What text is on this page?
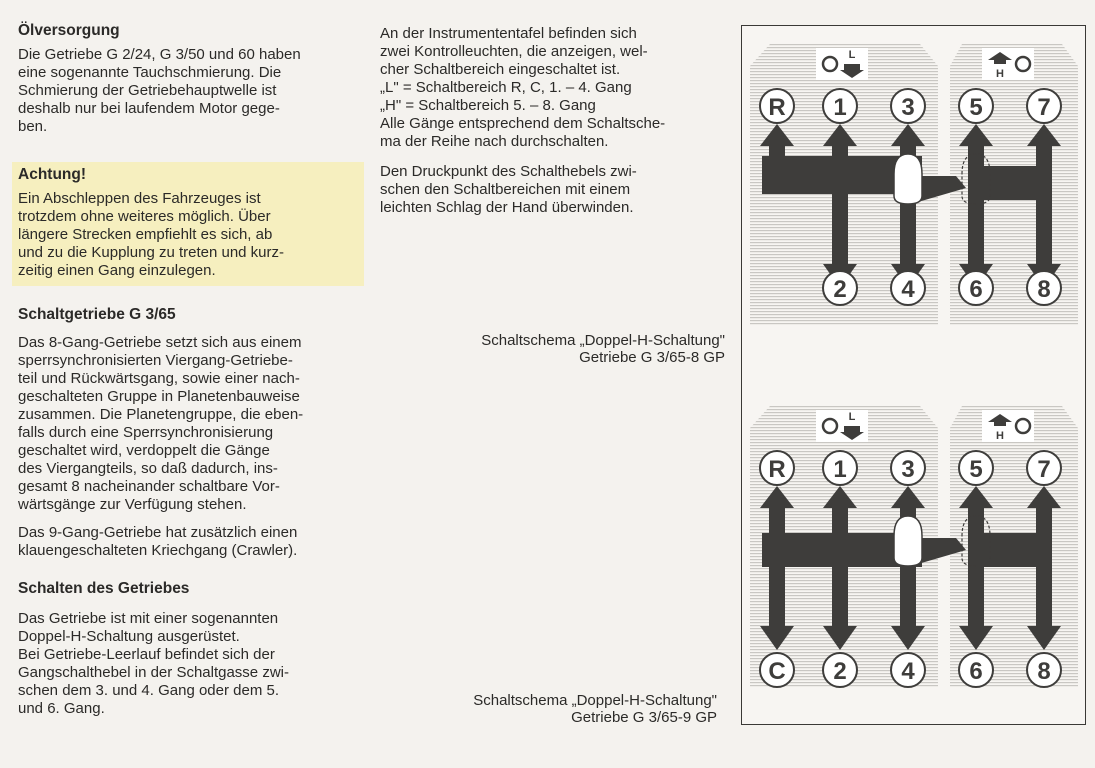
Ölversorgung
Die Getriebe G 2/24, G 3/50 und 60 haben
eine sogenannte Tauchschmierung. Die
Schmierung der Getriebehauptwelle ist
deshalb nur bei laufendem Motor gege-
ben.
Achtung!
Ein Abschleppen des Fahrzeuges ist
trotzdem ohne weiteres möglich. Über
längere Strecken empfiehlt es sich, ab
und zu die Kupplung zu treten und kurz-
zeitig einen Gang einzulegen.
Schaltgetriebe G 3/65
Das 8-Gang-Getriebe setzt sich aus einem
sperrsynchronisierten Viergang-Getriebe-
teil und Rückwärtsgang, sowie einer nach-
geschalteten Gruppe in Planetenbauweise
zusammen. Die Planetengruppe, die eben-
falls durch eine Sperrsynchronisierung
geschaltet wird, verdoppelt die Gänge
des Viergangteils, so daß dadurch, ins-
gesamt 8 nacheinander schaltbare Vor-
wärtsgänge zur Verfügung stehen.
Das 9-Gang-Getriebe hat zusätzlich einen
klauengeschalteten Kriechgang (Crawler).
Schalten des Getriebes
Das Getriebe ist mit einer sogenannten
Doppel-H-Schaltung ausgerüstet.
Bei Getriebe-Leerlauf befindet sich der
Gangschalthebel in der Schaltgasse zwi-
schen dem 3. und 4. Gang oder dem 5.
und 6. Gang.
An der Instrumententafel befinden sich
zwei Kontrolleuchten, die anzeigen, wel-
cher Schaltbereich eingeschaltet ist.
„L" = Schaltbereich R, C, 1. – 4. Gang
„H" = Schaltbereich 5. – 8. Gang
Alle Gänge entsprechend dem Schaltsche-
ma der Reihe nach durchschalten.
Den Druckpunkt des Schalthebels zwi-
schen den Schaltbereichen mit einem
leichten Schlag der Hand überwinden.
Schaltschema „Doppel-H-Schaltung"
Getriebe G 3/65-8 GP
Schaltschema „Doppel-H-Schaltung"
Getriebe G 3/65-9 GP
L
H
R 1 3 5 7
2 4 6 8
L
H
R 1 3 5 7
C 2 4 6 8
